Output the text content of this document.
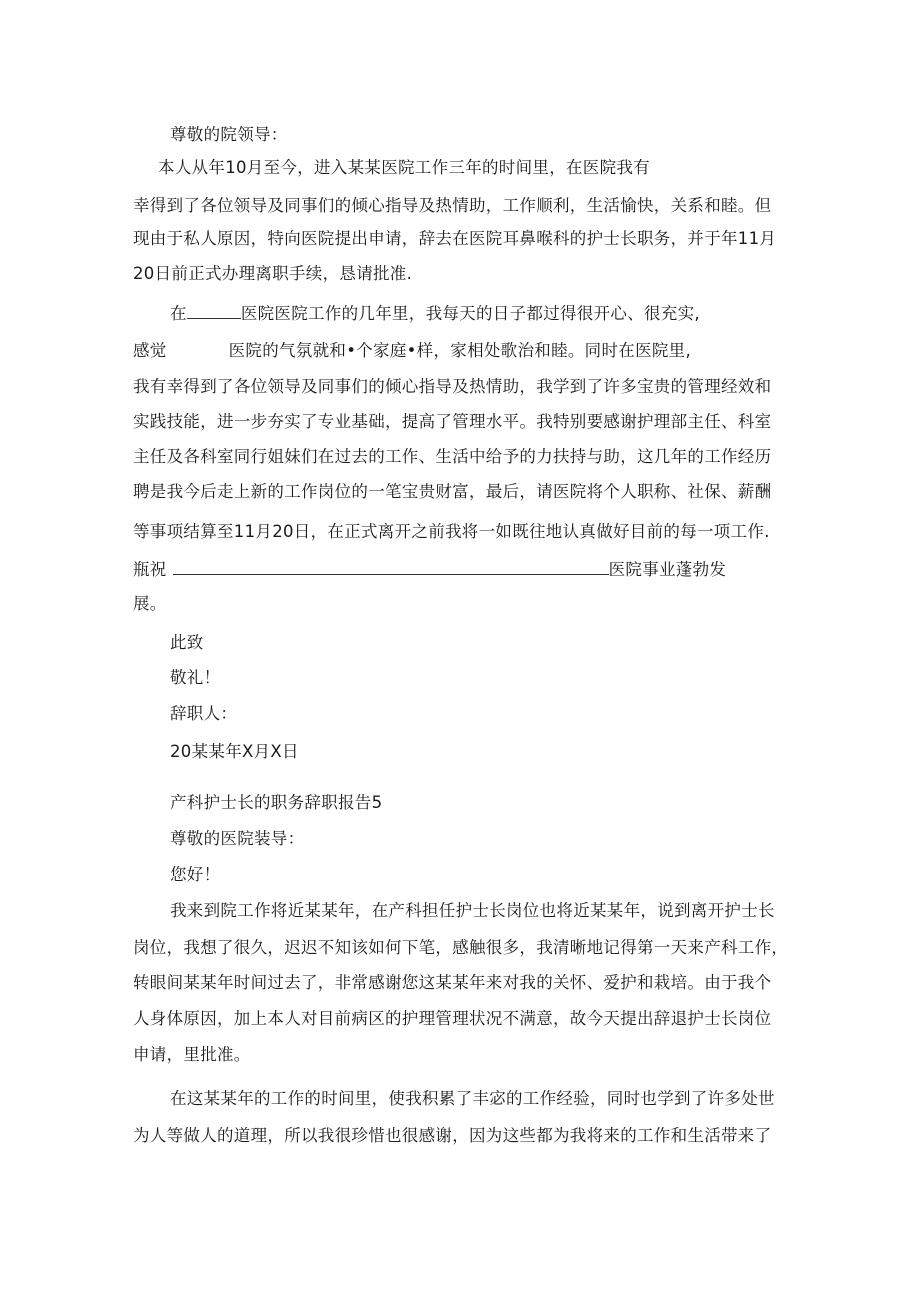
尊敬的院领导：
本人从年10月至今，进入某某医院工作三年的时间里，在医院我有
幸得到了各位领导及同事们的倾心指导及热情助，工作顺利，生活愉快，关系和睦。但
现由于私人原因，特向医院提出申请，辞去在医院耳鼻喉科的护士长职务，并于年11月
20日前正式办理离职手续，恳请批准.
在	医院医院工作的几年里，我每天的日子都过得很开心、很充实,
感觉	医院的气氛就和•个家庭•样，家相处歌治和睦。同时在医院里,
我有幸得到了各位领导及同事们的倾心指导及热情助，我学到了许多宝贵的管理经效和
实践技能，进一步夯实了专业基础，提高了管理水平。我特别要感谢护理部主任、科室
主任及各科室同行姐妹们在过去的工作、生活中给予的力扶持与助，这几年的工作经历
聘是我今后走上新的工作岗位的一笔宝贵财富，最后，请医院将个人职称、社保、薪酬
等事项结算至11月20日，在正式离开之前我将一如既往地认真做好目前的每一项工作.
瓶祝	医院事业蓬勃发
展。
此致
敬礼！
辞职人：
20某某年X月X日
产科护士长的职务辞职报告5
尊敬的医院装导：
您好！
我来到院工作将近某某年，在产科担任护士长岗位也将近某某年，说到离开护士长
岗位，我想了很久，迟迟不知该如何下笔，感触很多，我清晰地记得第一天来产科工作，
转眼间某某年时间过去了，非常感谢您这某某年来对我的关怀、爱护和栽培。由于我个
人身体原因，加上本人对目前病区的护理管理状况不满意，故今天提出辞退护士长岗位
申请，里批准。
在这某某年的工作的时间里，使我积累了丰宓的工作经验，同时也学到了许多处世
为人等做人的道理，所以我很珍惜也很感谢，因为这些都为我将来的工作和生活带来了
